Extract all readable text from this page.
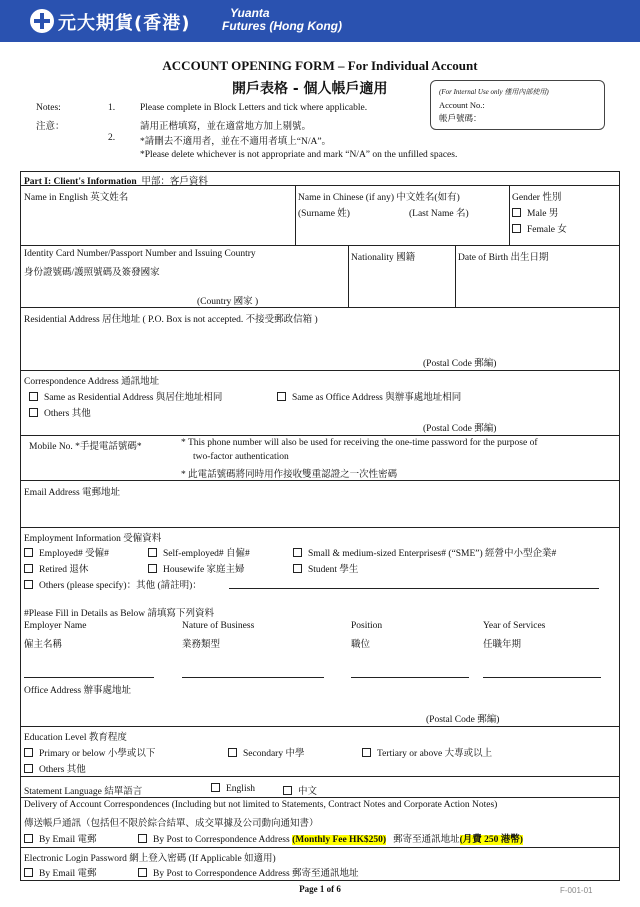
元大期貨(香港)	Yuanta
Futures (Hong Kong)
ACCOUNT OPENING FORM – For Individual Account
開戶表格 - 個人帳戶適用	(For Internal Use only 僅用內部使用)
Account No.:
帳戶號碼：
Notes:
注意：
1.	Please complete in Block Letters and tick where applicable.
請用正楷填寫，並在適當地方加上剔號。
2.	*請刪去不適用者，並在不適用者填上“N/A”。
*Please delete whichever is not appropriate and mark “N/A” on the unfilled spaces.
Part I: Client's Information 甲部：客戶資料
Name in English 英文姓名	Name in Chinese (if any) 中文姓名(如有)
(Surname 姓)	(Last Name 名)
Gender 性別
Male 男
Female 女
Identity Card Number/Passport Number and Issuing Country
身份證號碼/護照號碼及簽發國家
(Country 國家 )
Nationality 國籍	Date of Birth 出生日期
Residential Address 居住地址 ( P.O. Box is not accepted. 不接受郵政信箱 )
(Postal Code 郵編)
Correspondence Address 通訊地址
Same as Residential Address 與居住地址相同	Same as Office Address 與辦事處地址相同
Others 其他
(Postal Code 郵編)
Mobile No. *手提電話號碼*	* This phone number will also be used for receiving the one-time password for the purpose of
two-factor authentication
* 此電話號碼將同時用作接收雙重認證之一次性密碼
Email Address 電郵地址
Employment Information 受僱資料
Employed# 受僱#	Self-employed# 自僱#	Small & medium-sized Enterprises# (“SME”) 經營中小型企業#
Retired 退休	Housewife 家庭主婦	Student 學生
Others (please specify)：其他 (請註明)：
#Please Fill in Details as Below 請填寫下列資料
Employer Name
僱主名稱
Nature of Business
業務類型
Position
職位
Year of Services
任職年期
Office Address 辦事處地址
(Postal Code 郵編)
Education Level 教育程度
Primary or below 小學或以下	Secondary 中學	Tertiary or above 大專或以上
Others 其他
Statement Language 結單語言	English	中文
Delivery of Account Correspondences (Including but not limited to Statements, Contract Notes and Corporate Action Notes)
傳送帳戶通訊（包括但不限於綜合結單、成交單據及公司動向通知書）
By Email 電郵	By Post to Correspondence Address (Monthly Fee HK$250) 郵寄至通訊地址(月費 250 港幣)
Electronic Login Password 網上登入密碼 (If Applicable 如適用)
By Email 電郵	By Post to Correspondence Address 郵寄至通訊地址
Page 1 of 6	F-001-01
